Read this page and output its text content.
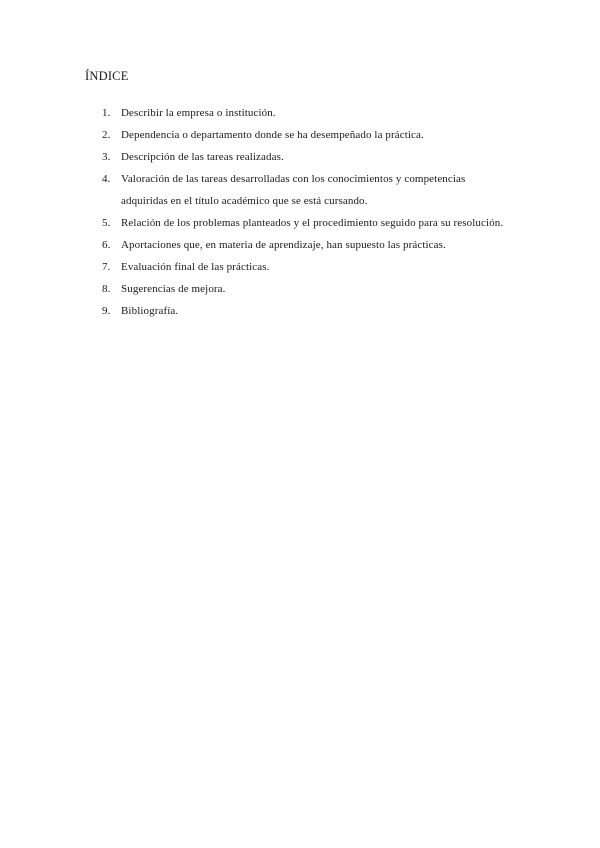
ÍNDICE
1. Describir la empresa o institución.
2. Dependencia o departamento donde se ha desempeñado la práctica.
3. Descripción de las tareas realizadas.
4. Valoración de las tareas desarrolladas con los conocimientos y competencias adquiridas en el título académico que se está cursando.
5. Relación de los problemas planteados y el procedimiento seguido para su resolución.
6. Aportaciones que, en materia de aprendizaje, han supuesto las prácticas.
7. Evaluación final de las prácticas.
8. Sugerencias de mejora.
9. Bibliografía.
